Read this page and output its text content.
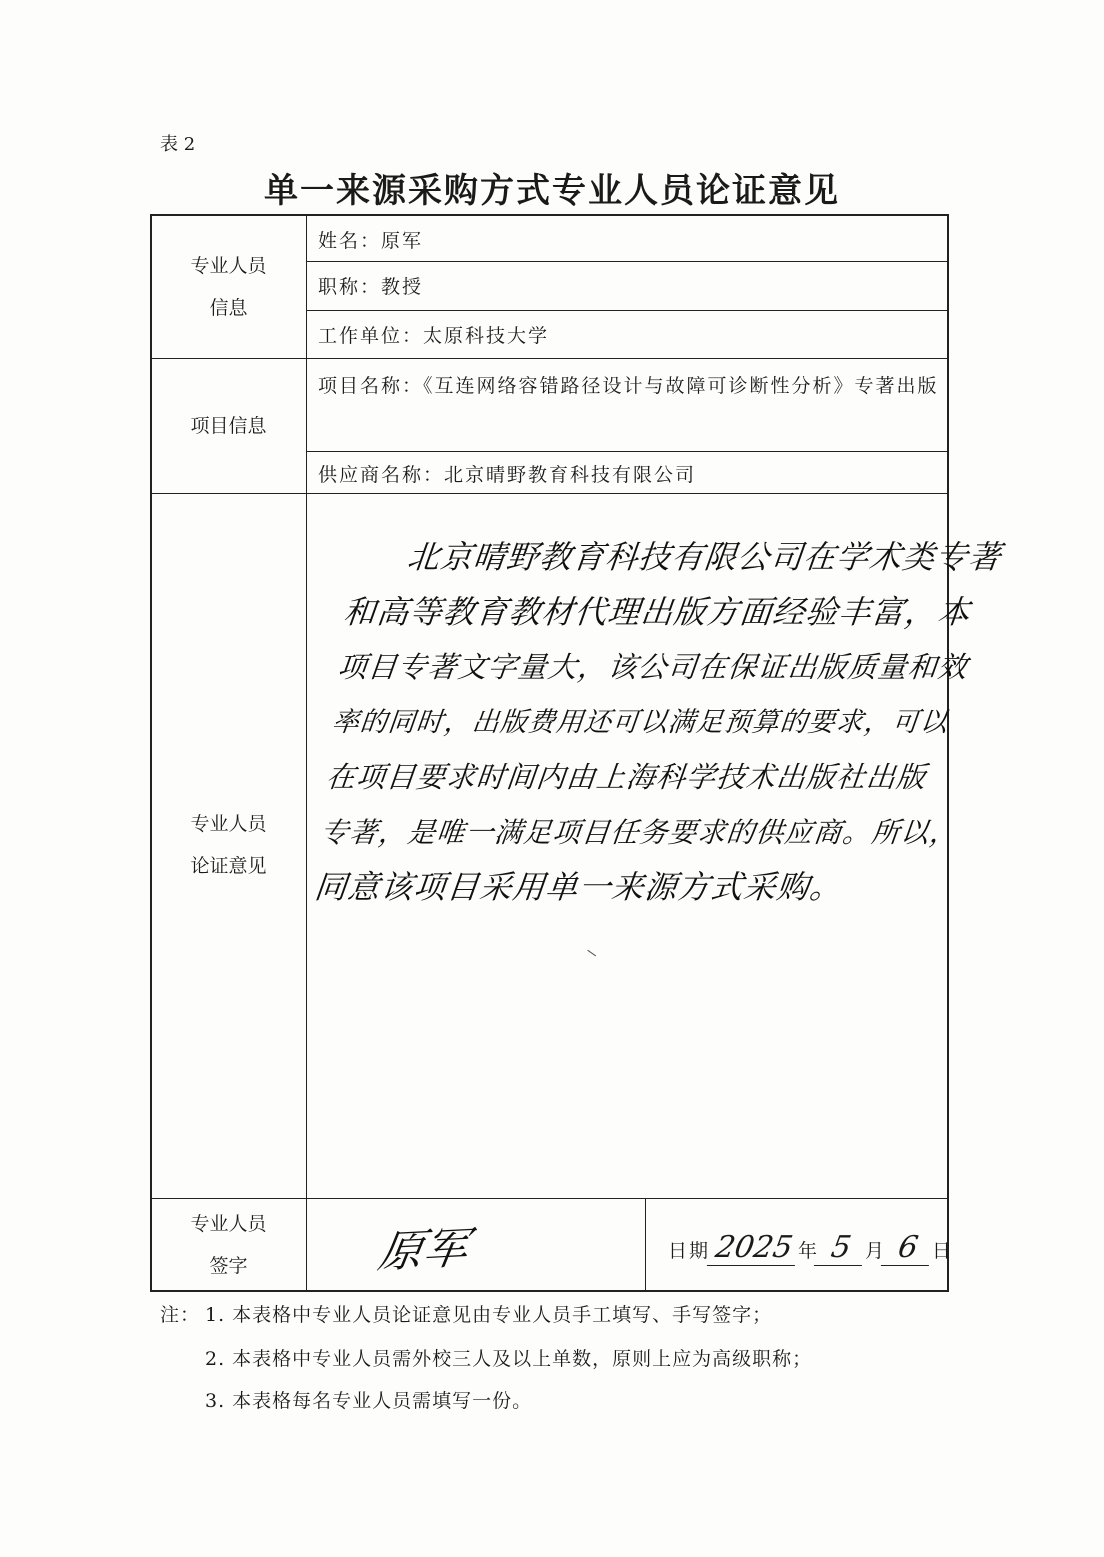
表 2
单一来源采购方式专业人员论证意见
专业人员
信息
姓名：原军
职称：教授
工作单位：太原科技大学
项目信息
项目名称：《互连网络容错路径设计与故障可诊断性分析》专著出版
供应商名称：北京晴野教育科技有限公司
专业人员
论证意见

北京晴野教育科技有限公司在学术类专著

和高等教育教材代理出版方面经验丰富，本

项目专著文字量大，该公司在保证出版质量和效

率的同时，出版费用还可以满足预算的要求，可以

在项目要求时间内由上海科学技术出版社出版

专著，是唯一满足项目任务要求的供应商。所以，

同意该项目采用单一来源方式采购。

专业人员
签字	原军	日期 2025 年 5 月 6 日
注： 1. 本表格中专业人员论证意见由专业人员手工填写、手写签字；
2. 本表格中专业人员需外校三人及以上单数，原则上应为高级职称；
3. 本表格每名专业人员需填写一份。
